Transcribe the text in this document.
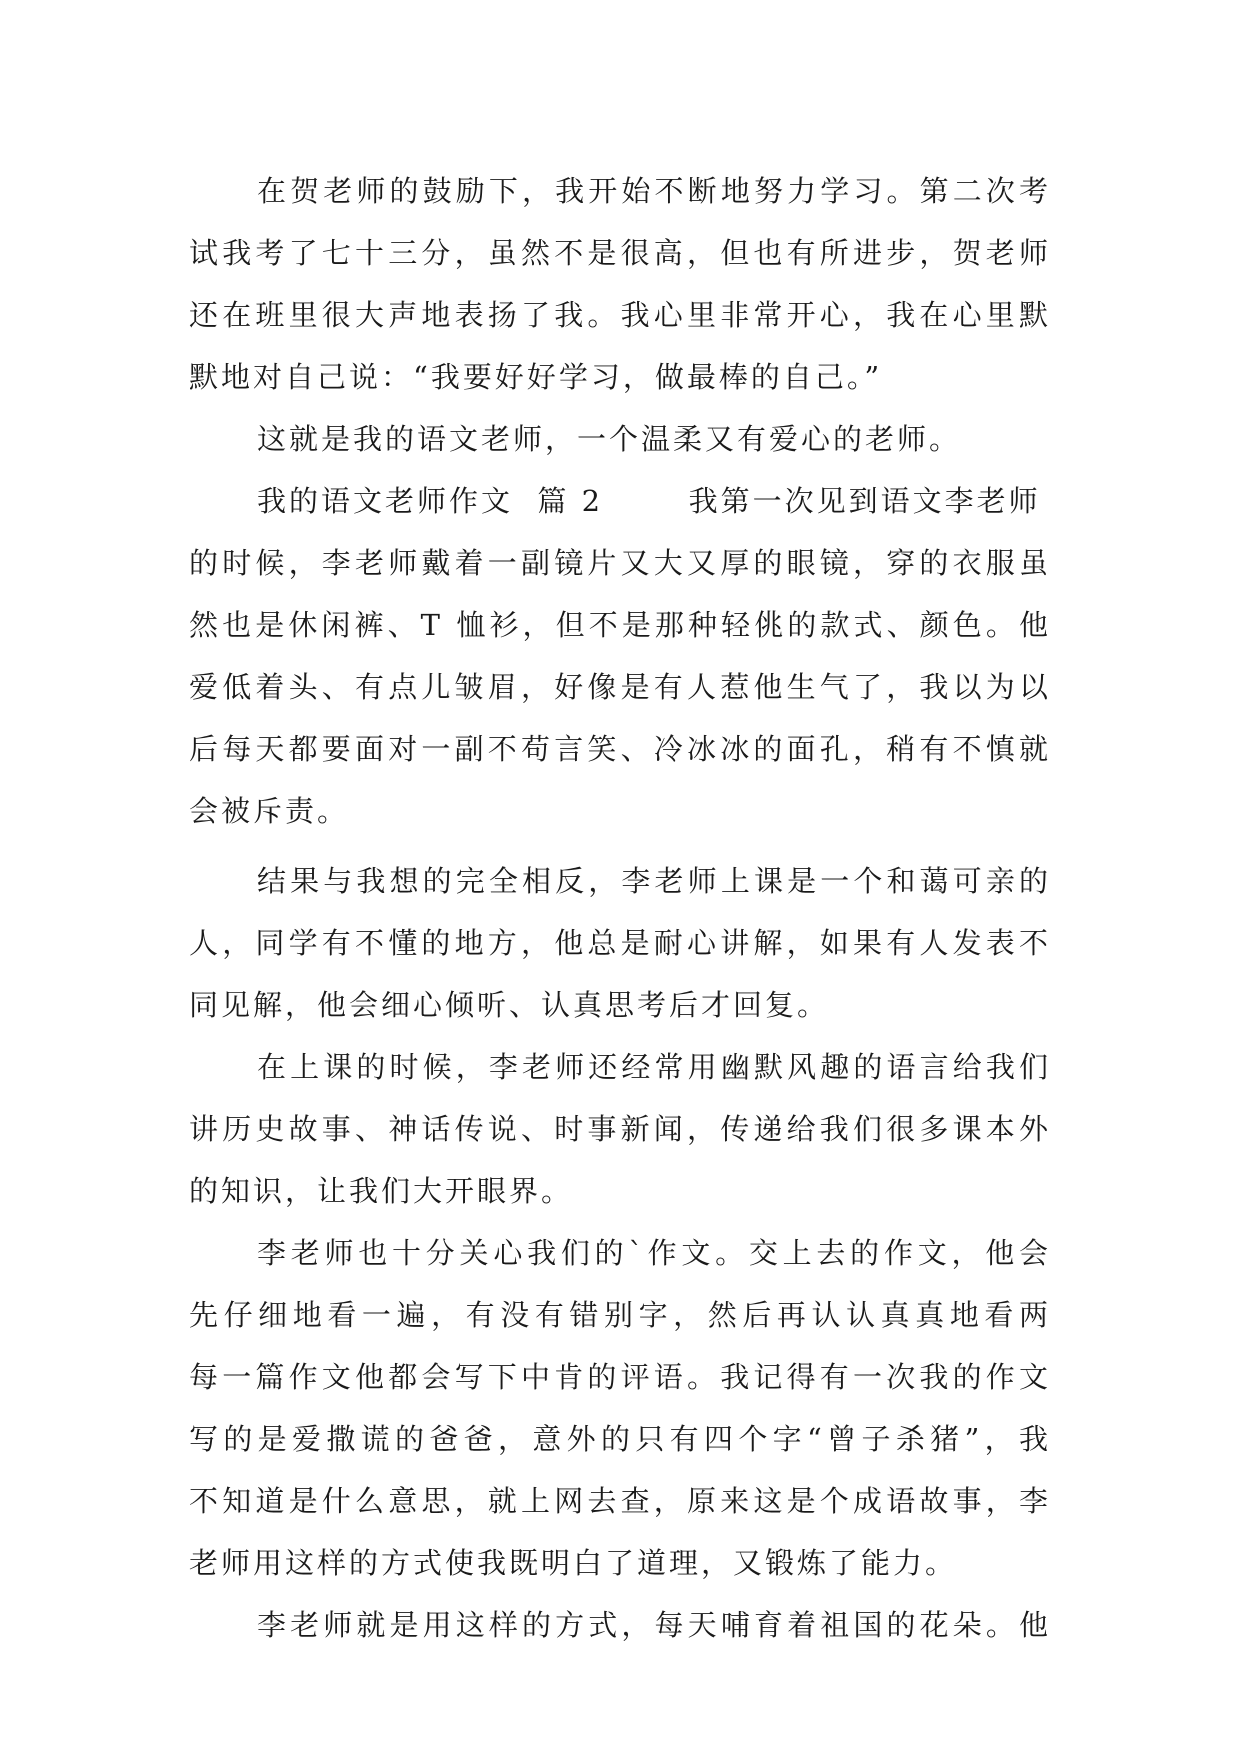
在贺老师的鼓励下，我开始不断地努力学习。第二次考
试我考了七十三分，虽然不是很高，但也有所进步，贺老师
还在班里很大声地表扬了我。我心里非常开心，我在心里默
默地对自己说：“我要好好学习，做最棒的自己。”
这就是我的语文老师，一个温柔又有爱心的老师。
我的语文老师作文  篇 2       我第一次见到语文李老师
的时候，李老师戴着一副镜片又大又厚的眼镜，穿的衣服虽
然也是休闲裤、T 恤衫，但不是那种轻佻的款式、颜色。他
爱低着头、有点儿皱眉，好像是有人惹他生气了，我以为以
后每天都要面对一副不苟言笑、冷冰冰的面孔，稍有不慎就
会被斥责。
结果与我想的完全相反，李老师上课是一个和蔼可亲的
人，同学有不懂的地方，他总是耐心讲解，如果有人发表不
同见解，他会细心倾听、认真思考后才回复。
在上课的时候，李老师还经常用幽默风趣的语言给我们
讲历史故事、神话传说、时事新闻，传递给我们很多课本外
的知识，让我们大开眼界。
李老师也十分关心我们的`作文。交上去的作文，他会
先仔细地看一遍，有没有错别字，然后再认认真真地看两
每一篇作文他都会写下中肯的评语。我记得有一次我的作文
写的是爱撒谎的爸爸，意外的只有四个字“曾子杀猪”，我
不知道是什么意思，就上网去查，原来这是个成语故事，李
老师用这样的方式使我既明白了道理，又锻炼了能力。
李老师就是用这样的方式，每天哺育着祖国的花朵。他
